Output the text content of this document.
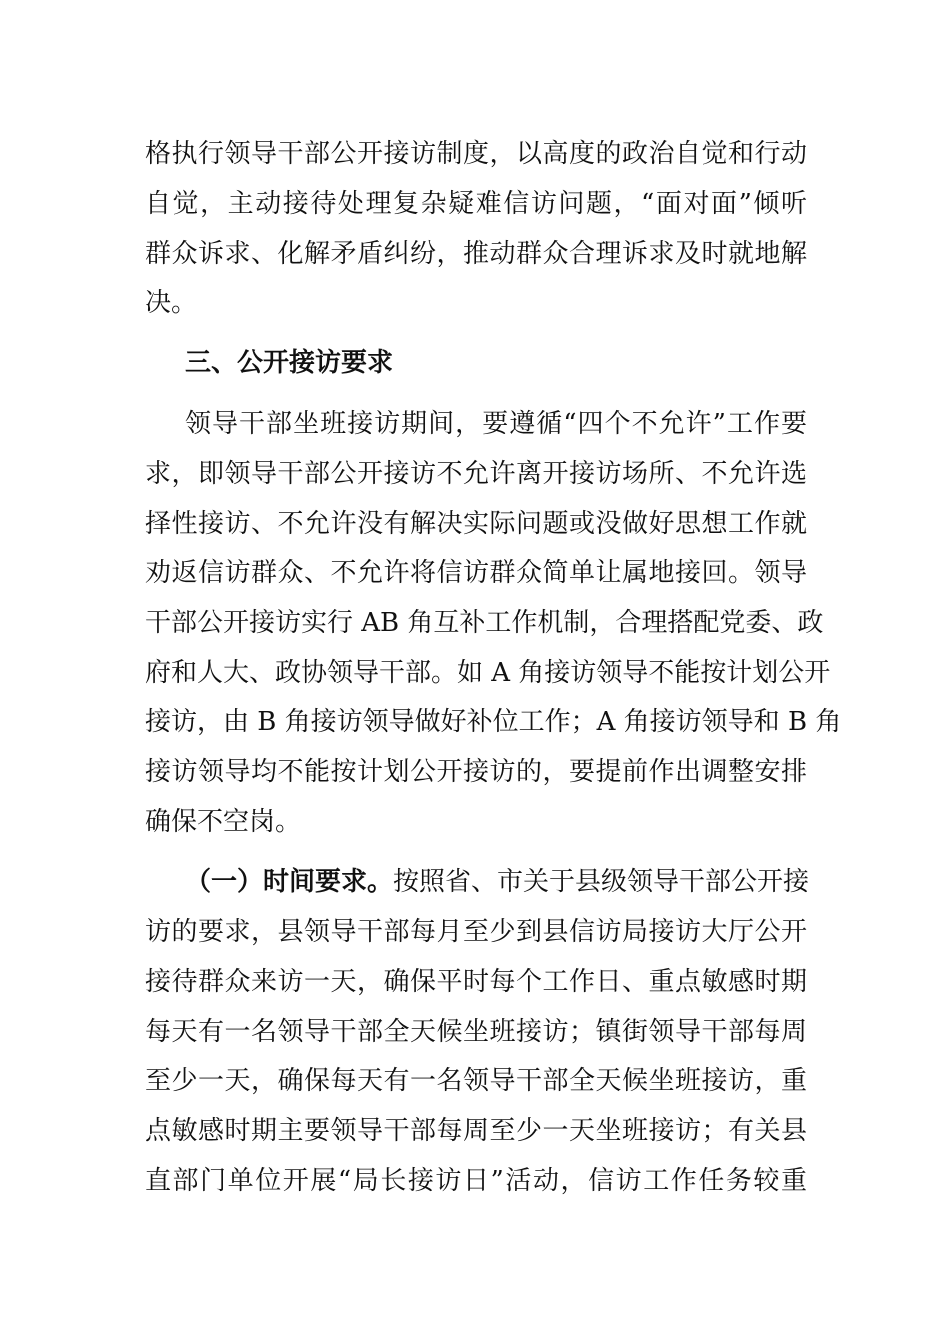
格执行领导干部公开接访制度，以高度的政治自觉和行动
自觉，主动接待处理复杂疑难信访问题，“面对面”倾听
群众诉求、化解矛盾纠纷，推动群众合理诉求及时就地解
决。
三、公开接访要求
领导干部坐班接访期间，要遵循“四个不允许”工作要
求，即领导干部公开接访不允许离开接访场所、不允许选
择性接访、不允许没有解决实际问题或没做好思想工作就
劝返信访群众、不允许将信访群众简单让属地接回。领导
干部公开接访实行 AB 角互补工作机制，合理搭配党委、政
府和人大、政协领导干部。如 A 角接访领导不能按计划公开
接访，由 B 角接访领导做好补位工作；A 角接访领导和 B 角
接访领导均不能按计划公开接访的，要提前作出调整安排
确保不空岗。
（一）时间要求。按照省、市关于县级领导干部公开接
访的要求，县领导干部每月至少到县信访局接访大厅公开
接待群众来访一天，确保平时每个工作日、重点敏感时期
每天有一名领导干部全天候坐班接访；镇街领导干部每周
至少一天，确保每天有一名领导干部全天候坐班接访，重
点敏感时期主要领导干部每周至少一天坐班接访；有关县
直部门单位开展“局长接访日”活动，信访工作任务较重
